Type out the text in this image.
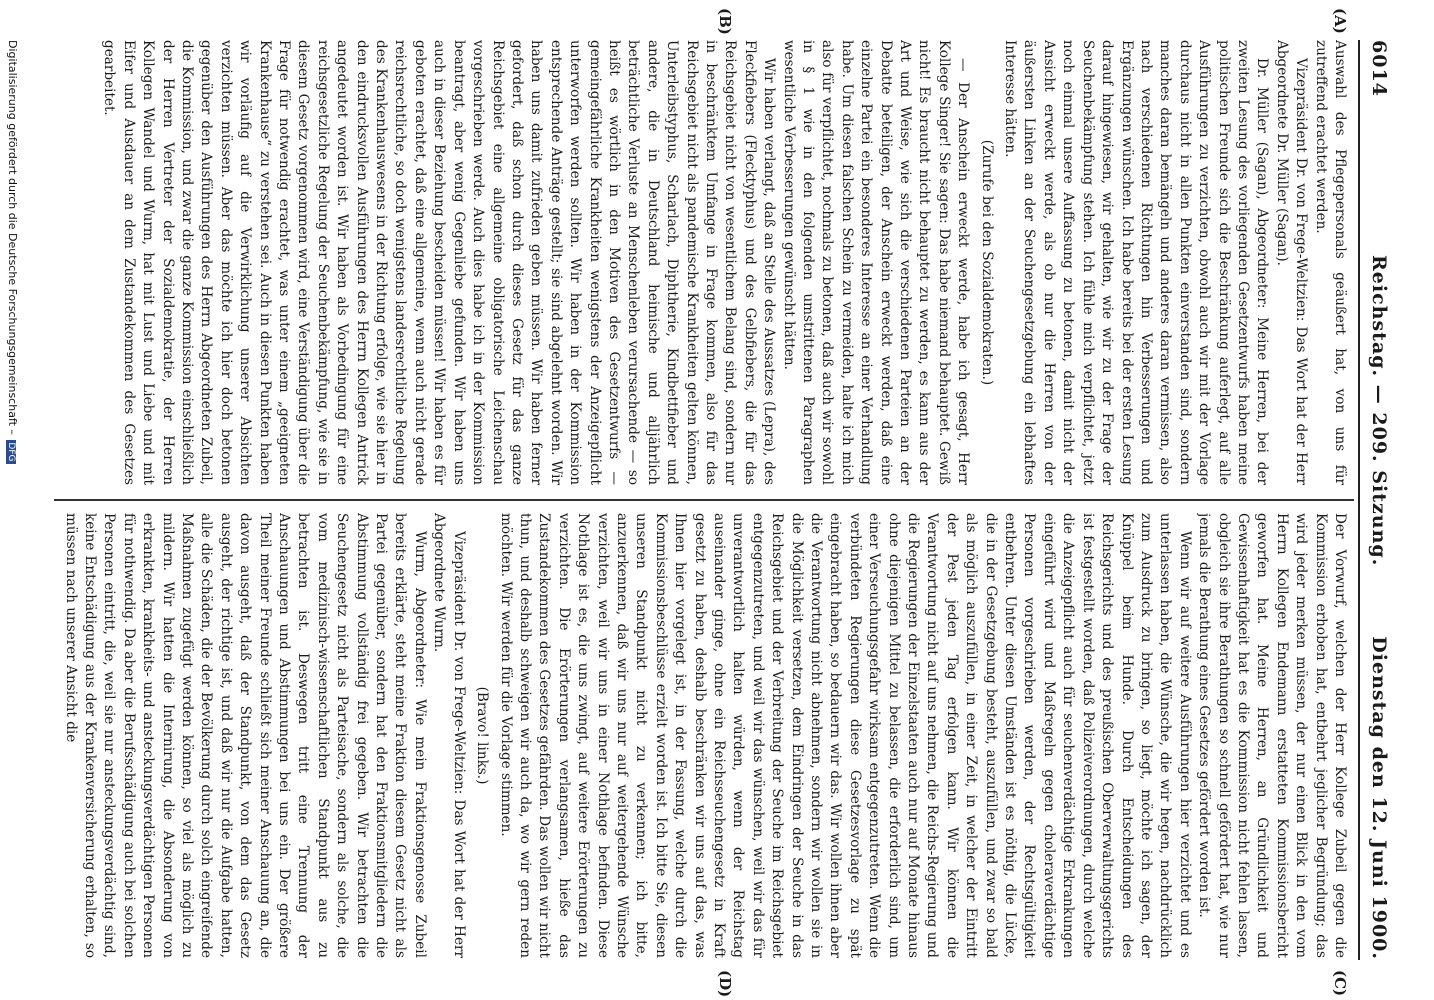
6014
Reichstag. — 209. Sitzung.
Dienstag den 12. Juni 1900.
(A)
(B)
(C)
(D)

Auswahl des Pflegepersonals geäußert hat, von uns für zutreffend erachtet werden.

Vizepräsident Dr. von Frege-Weltzien: Das Wort hat der Herr Abgeordnete Dr. Müller (Sagan).

Dr. Müller (Sagan), Abgeordneter: Meine Herren, bei der zweiten Lesung des vorliegenden Gesetzentwurfs haben meine politischen Freunde sich die Beschränkung auferlegt, auf alle Ausführungen zu verzichten, obwohl auch wir mit der Vorlage durchaus nicht in allen Punkten einverstanden sind, sondern manches daran bemängeln und anderes daran vermissen, also nach verschiedenen Richtungen hin Verbesserungen und Ergänzungen wünschen. Ich habe bereits bei der ersten Lesung darauf hingewiesen, wir gehalten, wie wir zu der Frage der Seuchenbekämpfung stehen. Ich fühle mich verpflichtet, jetzt noch einmal unsere Auffassung zu betonen, damit nicht der Ansicht erweckt werde, als ob nur die Herren von der äußersten Linken an der Seuchengesetzgebung ein lebhaftes Interesse hätten.

(Zurufe bei den Sozialdemokraten.)

— Der Anschein erweckt werde, habe ich gesagt, Herr Kollege Singer! Sie sagen: Das habe niemand behauptet. Gewiß nicht! Es braucht nicht behauptet zu werden, es kann aus der Art und Weise, wie sich die verschiedenen Parteien an der Debatte beteiligen, der Anschein erweckt werden, daß eine einzelne Partei ein besonderes Interesse an einer Verhandlung habe. Um diesen falschen Schein zu vermeiden, halte ich mich also für verpflichtet, nochmals zu betonen, daß auch wir sowohl in § 1 wie in den folgenden umstrittenen Paragraphen wesentliche Verbesserungen gewünscht hätten.

Wir haben verlangt, daß an Stelle des Aussatzes (Lepra), des Fleckfiebers (Flecktyphus) und des Gelbfiebers, die für das Reichsgebiet nicht von wesentlichem Belang sind, sondern nur in beschränktem Umfange in Frage kommen, also für das Reichsgebiet nicht als pandemische Krankheiten gelten können, Unterleibstyphus, Scharlach, Diphtherie, Kindbettfieber und andere, die in Deutschland heimische und alljährlich beträchtliche Verluste an Menschenleben verursachende — so heißt es wörtlich in den Motiven des Gesetzentwurfs — gemeingefährliche Krankheiten wenigstens der Anzeigepflicht unterworfen werden sollten. Wir haben in der Kommission entsprechende Anträge gestellt; sie sind abgelehnt worden. Wir haben uns damit zufrieden geben müssen. Wir haben ferner gefordert, daß schon durch dieses Gesetz für das ganze Reichsgebiet eine allgemeine obligatorische Leichenschau vorgeschrieben werde. Auch dies habe ich in der Kommission beantragt, aber wenig Gegenliebe gefunden. Wir haben uns auch in dieser Beziehung bescheiden müssen! Wir haben es für geboten erachtet, daß eine allgemeine, wenn auch nicht gerade reichsrechtliche, so doch wenigstens landesrechtliche Regelung des Krankenhauswesens in der Richtung erfolge, wie sie hier in den eindrucksvollen Ausführungen des Herrn Kollegen Antrick angedeutet worden ist. Wir haben als Vorbedingung für eine reichsgesetzliche Regelung der Seuchenbekämpfung, wie sie in diesem Gesetz vorgenommen wird, eine Verständigung über die Frage für notwendig erachtet, was unter einem „geeigneten Krankenhause“ zu verstehen sei. Auch in diesen Punkten haben wir vorläufig auf die Verwirklichung unserer Absichten verzichten müssen. Aber das möchte ich hier doch betonen gegenüber den Ausführungen des Herrn Abgeordneten Zubeil, die Kommission, und zwar die ganze Kommission einschließlich der Herren Vertreter der Sozialdemokratie, der Herren Kollegen Wandel und Wurm, hat mit Lust und Liebe und mit Eifer und Ausdauer an dem Zustandekommen des Gesetzes gearbeitet.

Der Vorwurf, welchen der Herr Kollege Zubeil gegen die Kommission erhoben hat, entbehrt jeglicher Begründung; das wird jeder merken müssen, der nur einen Blick in den vom Herrn Kollegen Endemann erstatteten Kommissionsbericht geworfen hat. Meine Herren, an Gründlichkeit und Gewissenhaftigkeit hat es die Kommission nicht fehlen lassen, obgleich sie ihre Berathungen so schnell gefördert hat, wie nur jemals die Berathung eines Gesetzes gefördert worden ist.

Wenn wir auf weitere Ausführungen hier verzichtet und es unterlassen haben, die Wünsche, die wir hegen, nachdrücklich zum Ausdruck zu bringen, so liegt, möchte ich sagen, der Knüppel beim Hunde. Durch Entscheidungen des Reichsgerichts und des preußischen Oberverwaltungsgerichts ist festgestellt worden, daß Polizeiverordnungen, durch welche die Anzeigepflicht auch für seuchenverdächtige Erkrankungen eingeführt wird und Maßregeln gegen choleraverdächtige Personen vorgeschrieben werden, der Rechtsgültigkeit entbehren. Unter diesen Umständen ist es nöthig, die Lücke, die in der Gesetzgebung besteht, auszufüllen, und zwar so bald als möglich auszufüllen, in einer Zeit, in welcher der Eintritt der Pest jeden Tag erfolgen kann. Wir können die Verantwortung nicht auf uns nehmen, die Reichs-Regierung und die Regierungen der Einzelstaaten auch nur auf Monate hinaus ohne diejenigen Mittel zu belassen, die erforderlich sind, um einer Verseuchungsgefahr wirksam entgegenzutreten. Wenn die verbündeten Regierungen diese Gesetzesvorlage zu spät eingebracht haben, so bedauern wir das. Wir wollen ihnen aber die Verantwortung nicht abnehmen, sondern wir wollen sie in die Möglichkeit versetzen, dem Eindringen der Seuche in das Reichsgebiet und der Verbreitung der Seuche im Reichsgebiet entgegenzutreten, und weil wir das wünschen, weil wir das für unverantwortlich halten würden, wenn der Reichstag auseinander ginge, ohne ein Reichsseuchengesetz in Kraft gesetzt zu haben, deshalb beschränken wir uns auf das, was Ihnen hier vorgelegt ist, in der Fassung, welche durch die Kommissionsbeschlüsse erzielt worden ist. Ich bitte Sie, diesen unseren Standpunkt nicht zu verkennen; ich bitte, anzuerkennen, daß wir uns nur auf weitergehende Wünsche verzichten, weil wir uns in einer Nothlage befinden. Diese Nothlage ist es, die uns zwingt, auf weitere Erörterungen zu verzichten. Die Erörterungen verlangsamen, hieße das Zustandekommen des Gesetzes gefährden. Das wollen wir nicht thun, und deshalb schweigen wir auch da, wo wir gern reden möchten. Wir werden für die Vorlage stimmen.

(Bravo! links.)

Vizepräsident Dr. von Frege-Weltzien: Das Wort hat der Herr Abgeordnete Wurm.

Wurm, Abgeordneter: Wie mein Fraktionsgenosse Zubeil bereits erklärte, steht meine Fraktion diesem Gesetz nicht als Partei gegenüber, sondern hat den Fraktionsmitgliedern die Abstimmung vollständig frei gegeben. Wir betrachten die Seuchengesetz nicht als Parteisache, sondern als solche, die vom medizinisch-wissenschaftlichen Standpunkt aus zu betrachten ist. Deswegen tritt eine Trennung der Anschauungen und Abstimmungen bei uns ein. Der größere Theil meiner Freunde schließt sich meiner Anschauung an, die davon ausgeht, daß der Standpunkt, von dem das Gesetz ausgeht, der richtige ist, und daß wir nur die Aufgabe hatten, alle die Schäden, die der Bevölkerung durch solch eingreifende Maßnahmen zugefügt werden können, so viel als möglich zu mildern. Wir hatten die Internirung, die Absonderung von erkrankten, krankheits- und ansteckungsverdächtigen Personen für nothwendig. Da aber die Berufsschädigung auch bei solchen Personen eintritt, die, weil sie nur ansteckungsverdächtig sind, keine Entschädigung aus der Krankenversicherung erhalten, so müssen nach unserer Ansicht die

Digitalisierung gefördert durch die Deutsche Forschungsgemeinschaft – DFG
